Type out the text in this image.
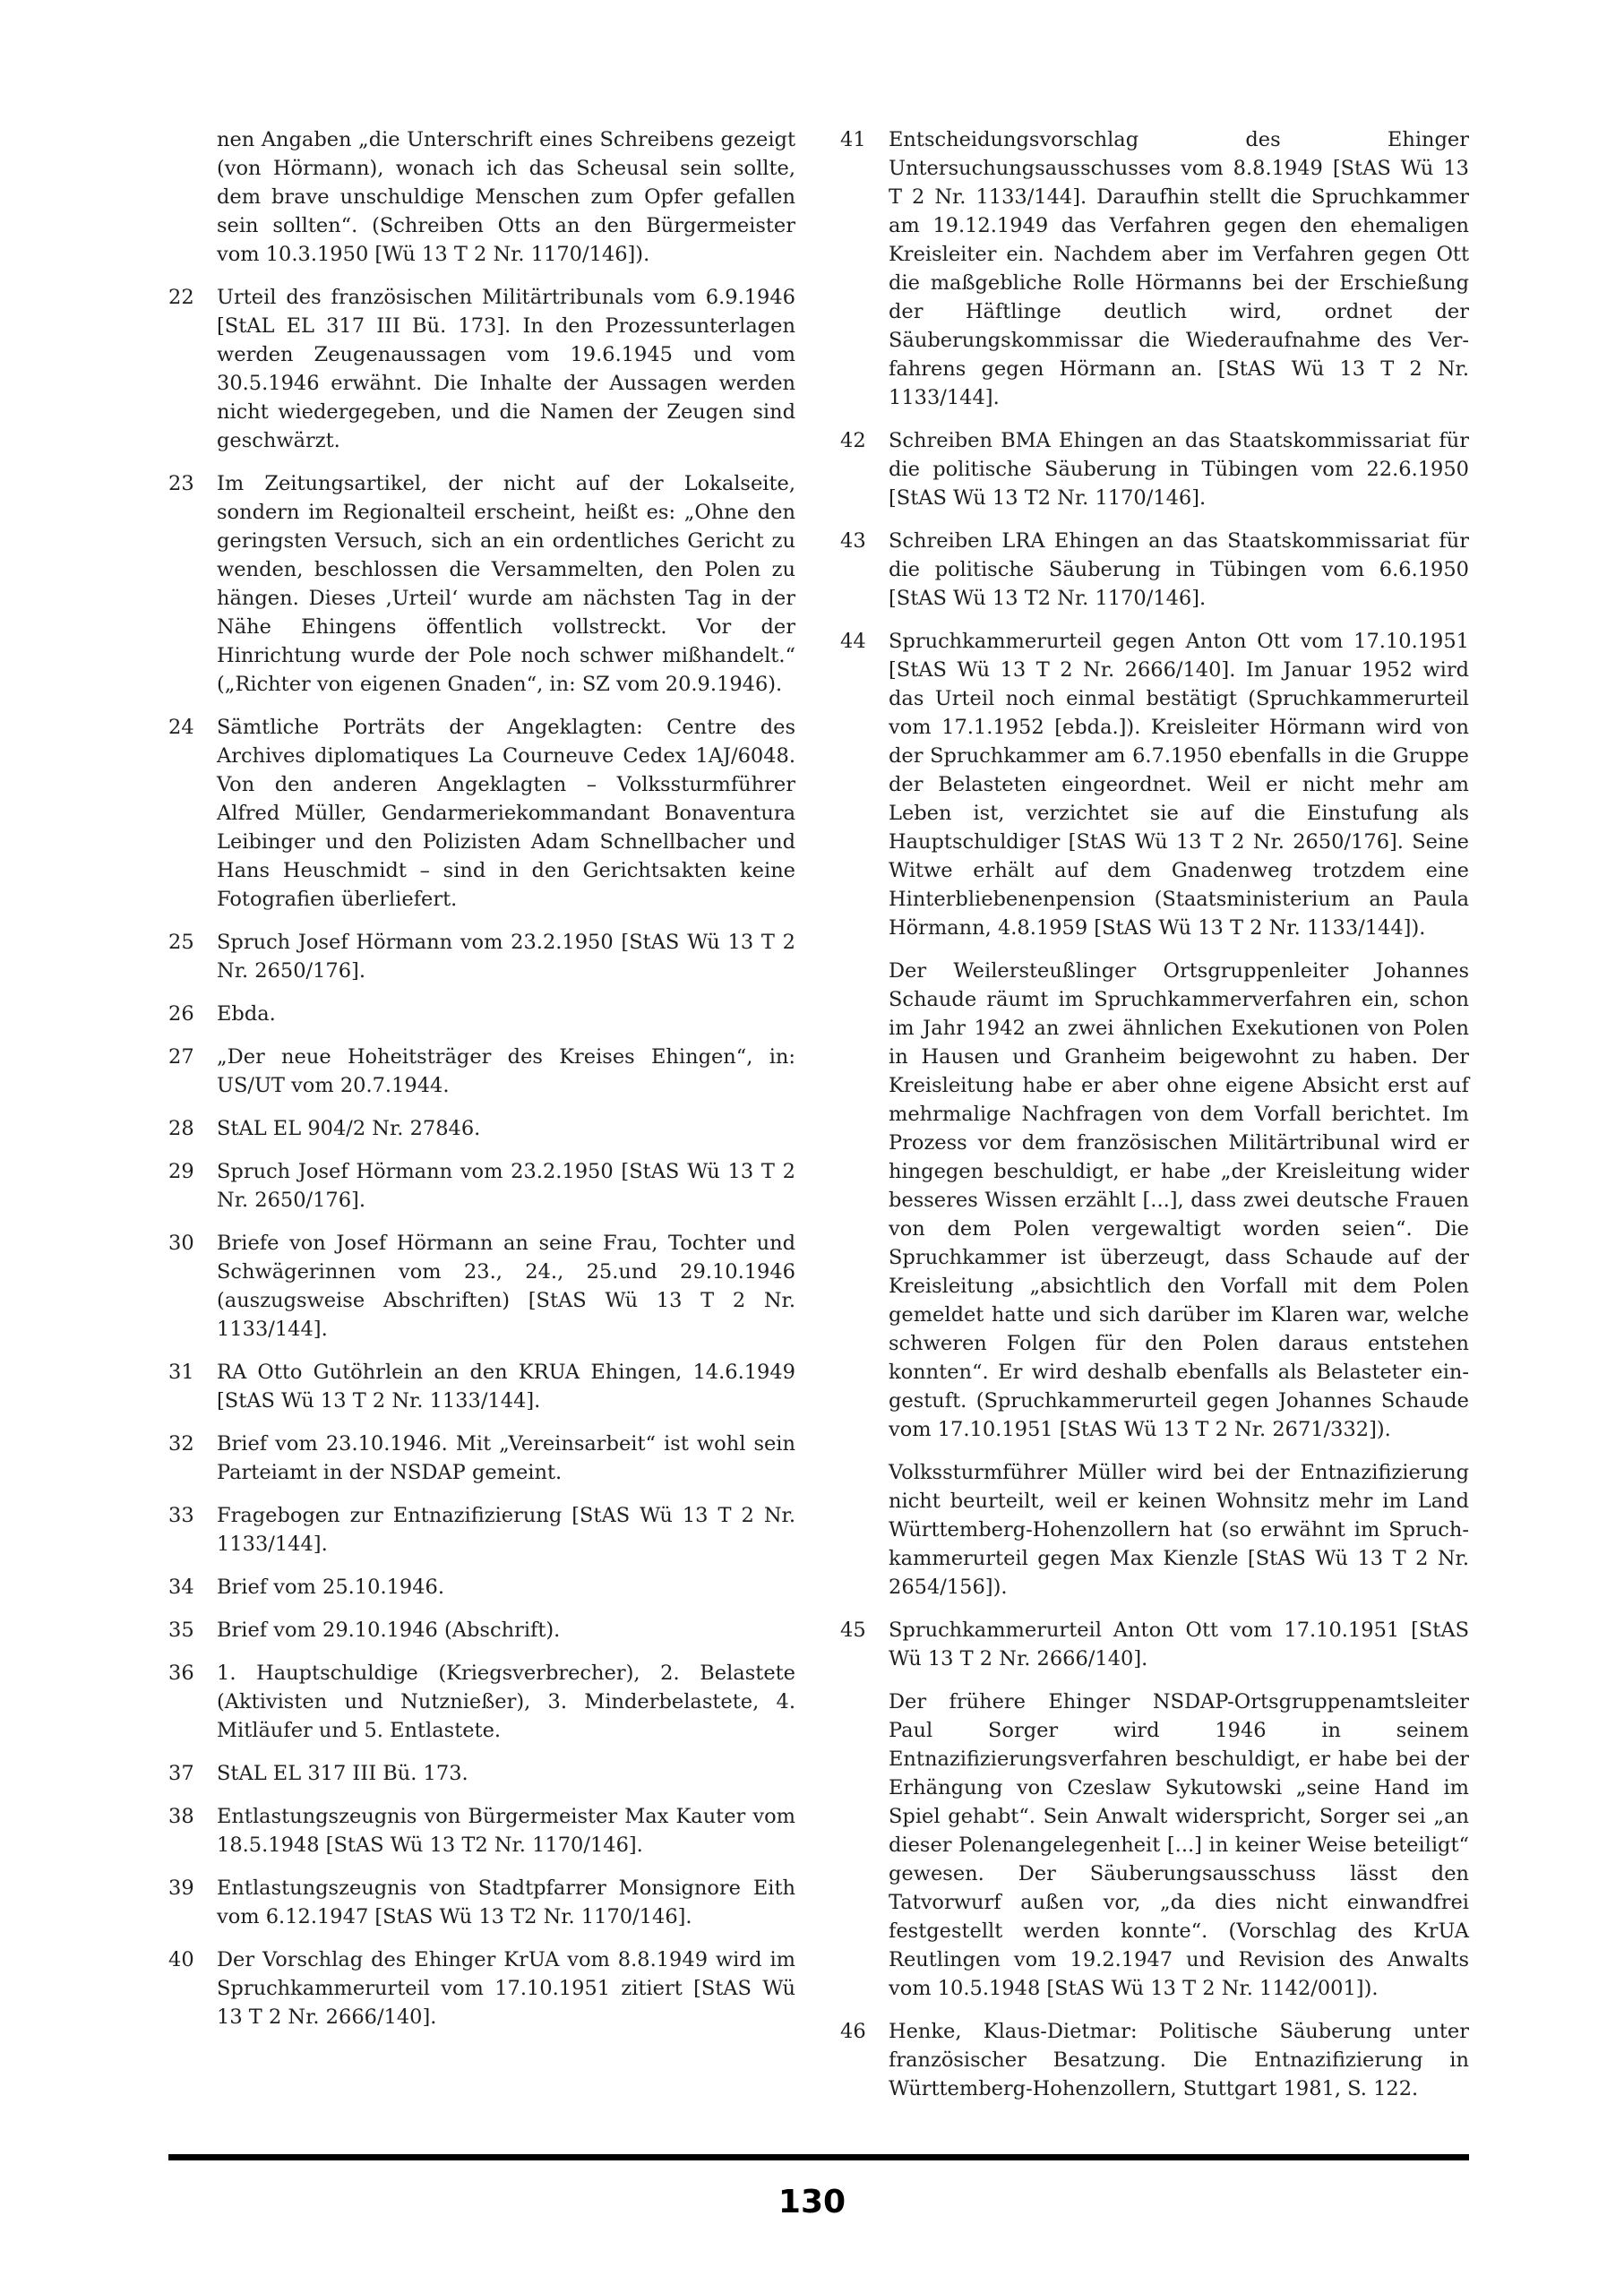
nen Angaben „die Unterschrift eines Schreibens gezeigt (von Hörmann), wonach ich das Scheusal sein sollte, dem brave unschuldige Menschen zum Opfer gefallen sein sollten“. (Schreiben Otts an den Bürgermeister vom 10.3.1950 [Wü 13 T 2 Nr. 1170/146]).

22 Urteil des französischen Militärtribunals vom 6.9.1946 [StAL EL 317 III Bü. 173]. In den Prozessunterlagen werden Zeugenaussagen vom 19.6.1945 und vom 30.5.1946 erwähnt. Die Inhalte der Aussagen werden nicht wiedergegeben, und die Namen der Zeugen sind geschwärzt.

23 Im Zeitungsartikel, der nicht auf der Lokalseite, sondern im Regionalteil erscheint, heißt es: „Ohne den geringsten Versuch, sich an ein ordentliches Gericht zu wenden, beschlossen die Versammelten, den Polen zu hängen. Dieses ‚Urteil‘ wurde am nächsten Tag in der Nähe Ehingens öffentlich vollstreckt. Vor der Hinrichtung wurde der Pole noch schwer mißhandelt.“ („Richter von eigenen Gnaden“, in: SZ vom 20.9.1946).

24 Sämtliche Porträts der Angeklagten: Centre des Archives diplomatiques La Courneuve Cedex 1AJ/6048. Von den anderen Angeklagten – Volkssturmführer Alfred Müller, Gendarmeriekommandant Bonaventura Leibinger und den Polizisten Adam Schnellbacher und Hans Heuschmidt – sind in den Gerichtsakten keine Fotografien überliefert.

25 Spruch Josef Hörmann vom 23.2.1950 [StAS Wü 13 T 2 Nr. 2650/176].

26 Ebda.

27 „Der neue Hoheitsträger des Kreises Ehingen“, in: US/UT vom 20.7.1944.

28 StAL EL 904/2 Nr. 27846.

29 Spruch Josef Hörmann vom 23.2.1950 [StAS Wü 13 T 2 Nr. 2650/176].

30 Briefe von Josef Hörmann an seine Frau, Tochter und Schwägerinnen vom 23., 24., 25.und 29.10.1946 (auszugsweise Abschriften) [StAS Wü 13 T 2 Nr. 1133/144].

31 RA Otto Gutöhrlein an den KRUA Ehingen, 14.6.1949 [StAS Wü 13 T 2 Nr. 1133/144].

32 Brief vom 23.10.1946. Mit „Vereinsarbeit“ ist wohl sein Parteiamt in der NSDAP gemeint.

33 Fragebogen zur Entnazifizierung [StAS Wü 13 T 2 Nr. 1133/144].

34 Brief vom 25.10.1946.

35 Brief vom 29.10.1946 (Abschrift).

36 1. Hauptschuldige (Kriegsverbrecher), 2. Belastete (Aktivisten und Nutznießer), 3. Minderbelastete, 4. Mitläufer und 5. Entlastete.

37 StAL EL 317 III Bü. 173.

38 Entlastungszeugnis von Bürgermeister Max Kauter vom 18.5.1948 [StAS Wü 13 T2 Nr. 1170/146].

39 Entlastungszeugnis von Stadtpfarrer Monsignore Eith vom 6.12.1947 [StAS Wü 13 T2 Nr. 1170/146].

40 Der Vorschlag des Ehinger KrUA vom 8.8.1949 wird im Spruchkammerurteil vom 17.10.1951 zitiert [StAS Wü 13 T 2 Nr. 2666/140].

41 Entscheidungsvorschlag des Ehinger Untersuchungsausschusses vom 8.8.1949 [StAS Wü 13 T 2 Nr. 1133/144]. Daraufhin stellt die Spruchkammer am 19.12.1949 das Verfahren gegen den ehemaligen Kreisleiter ein. Nachdem aber im Verfahren gegen Ott die maßgebliche Rolle Hörmanns bei der Erschießung der Häftlinge deutlich wird, ordnet der Säuberungskommissar die Wiederaufnahme des Verfahrens gegen Hörmann an. [StAS Wü 13 T 2 Nr. 1133/144].

42 Schreiben BMA Ehingen an das Staatskommissariat für die politische Säuberung in Tübingen vom 22.6.1950 [StAS Wü 13 T2 Nr. 1170/146].

43 Schreiben LRA Ehingen an das Staatskommissariat für die politische Säuberung in Tübingen vom 6.6.1950 [StAS Wü 13 T2 Nr. 1170/146].

44 Spruchkammerurteil gegen Anton Ott vom 17.10.1951 [StAS Wü 13 T 2 Nr. 2666/140]. Im Januar 1952 wird das Urteil noch einmal bestätigt (Spruchkammerurteil vom 17.1.1952 [ebda.]). Kreisleiter Hörmann wird von der Spruchkammer am 6.7.1950 ebenfalls in die Gruppe der Belasteten eingeordnet. Weil er nicht mehr am Leben ist, verzichtet sie auf die Einstufung als Hauptschuldiger [StAS Wü 13 T 2 Nr. 2650/176]. Seine Witwe erhält auf dem Gnadenweg trotzdem eine Hinterbliebenenpension (Staatsministerium an Paula Hörmann, 4.8.1959 [StAS Wü 13 T 2 Nr. 1133/144]).

Der Weilersteußlinger Ortsgruppenleiter Johannes Schaude räumt im Spruchkammerverfahren ein, schon im Jahr 1942 an zwei ähnlichen Exekutionen von Polen in Hausen und Granheim beigewohnt zu haben. Der Kreisleitung habe er aber ohne eigene Absicht erst auf mehrmalige Nachfragen von dem Vorfall berichtet. Im Prozess vor dem französischen Militärtribunal wird er hingegen beschuldigt, er habe „der Kreisleitung wider besseres Wissen erzählt [...], dass zwei deutsche Frauen von dem Polen vergewaltigt worden seien“. Die Spruchkammer ist überzeugt, dass Schaude auf der Kreisleitung „absichtlich den Vorfall mit dem Polen gemeldet hatte und sich darüber im Klaren war, welche schweren Folgen für den Polen daraus entstehen konnten“. Er wird deshalb ebenfalls als Belasteter eingestuft. (Spruchkammerurteil gegen Johannes Schaude vom 17.10.1951 [StAS Wü 13 T 2 Nr. 2671/332]).

Volkssturmführer Müller wird bei der Entnazifizierung nicht beurteilt, weil er keinen Wohnsitz mehr im Land Württemberg-Hohenzollern hat (so erwähnt im Spruchkammerurteil gegen Max Kienzle [StAS Wü 13 T 2 Nr. 2654/156]).

45 Spruchkammerurteil Anton Ott vom 17.10.1951 [StAS Wü 13 T 2 Nr. 2666/140].

Der frühere Ehinger NSDAP-Ortsgruppenamtsleiter Paul Sorger wird 1946 in seinem Entnazifizierungsverfahren beschuldigt, er habe bei der Erhängung von Czeslaw Sykutowski „seine Hand im Spiel gehabt“. Sein Anwalt widerspricht, Sorger sei „an dieser Polenangelegenheit [...] in keiner Weise beteiligt“ gewesen. Der Säuberungsausschuss lässt den Tatvorwurf außen vor, „da dies nicht einwandfrei festgestellt werden konnte“. (Vorschlag des KrUA Reutlingen vom 19.2.1947 und Revision des Anwalts vom 10.5.1948 [StAS Wü 13 T 2 Nr. 1142/001]).

46 Henke, Klaus-Dietmar: Politische Säuberung unter französischer Besatzung. Die Entnazifizierung in Württemberg-Hohenzollern, Stuttgart 1981, S. 122.

130
